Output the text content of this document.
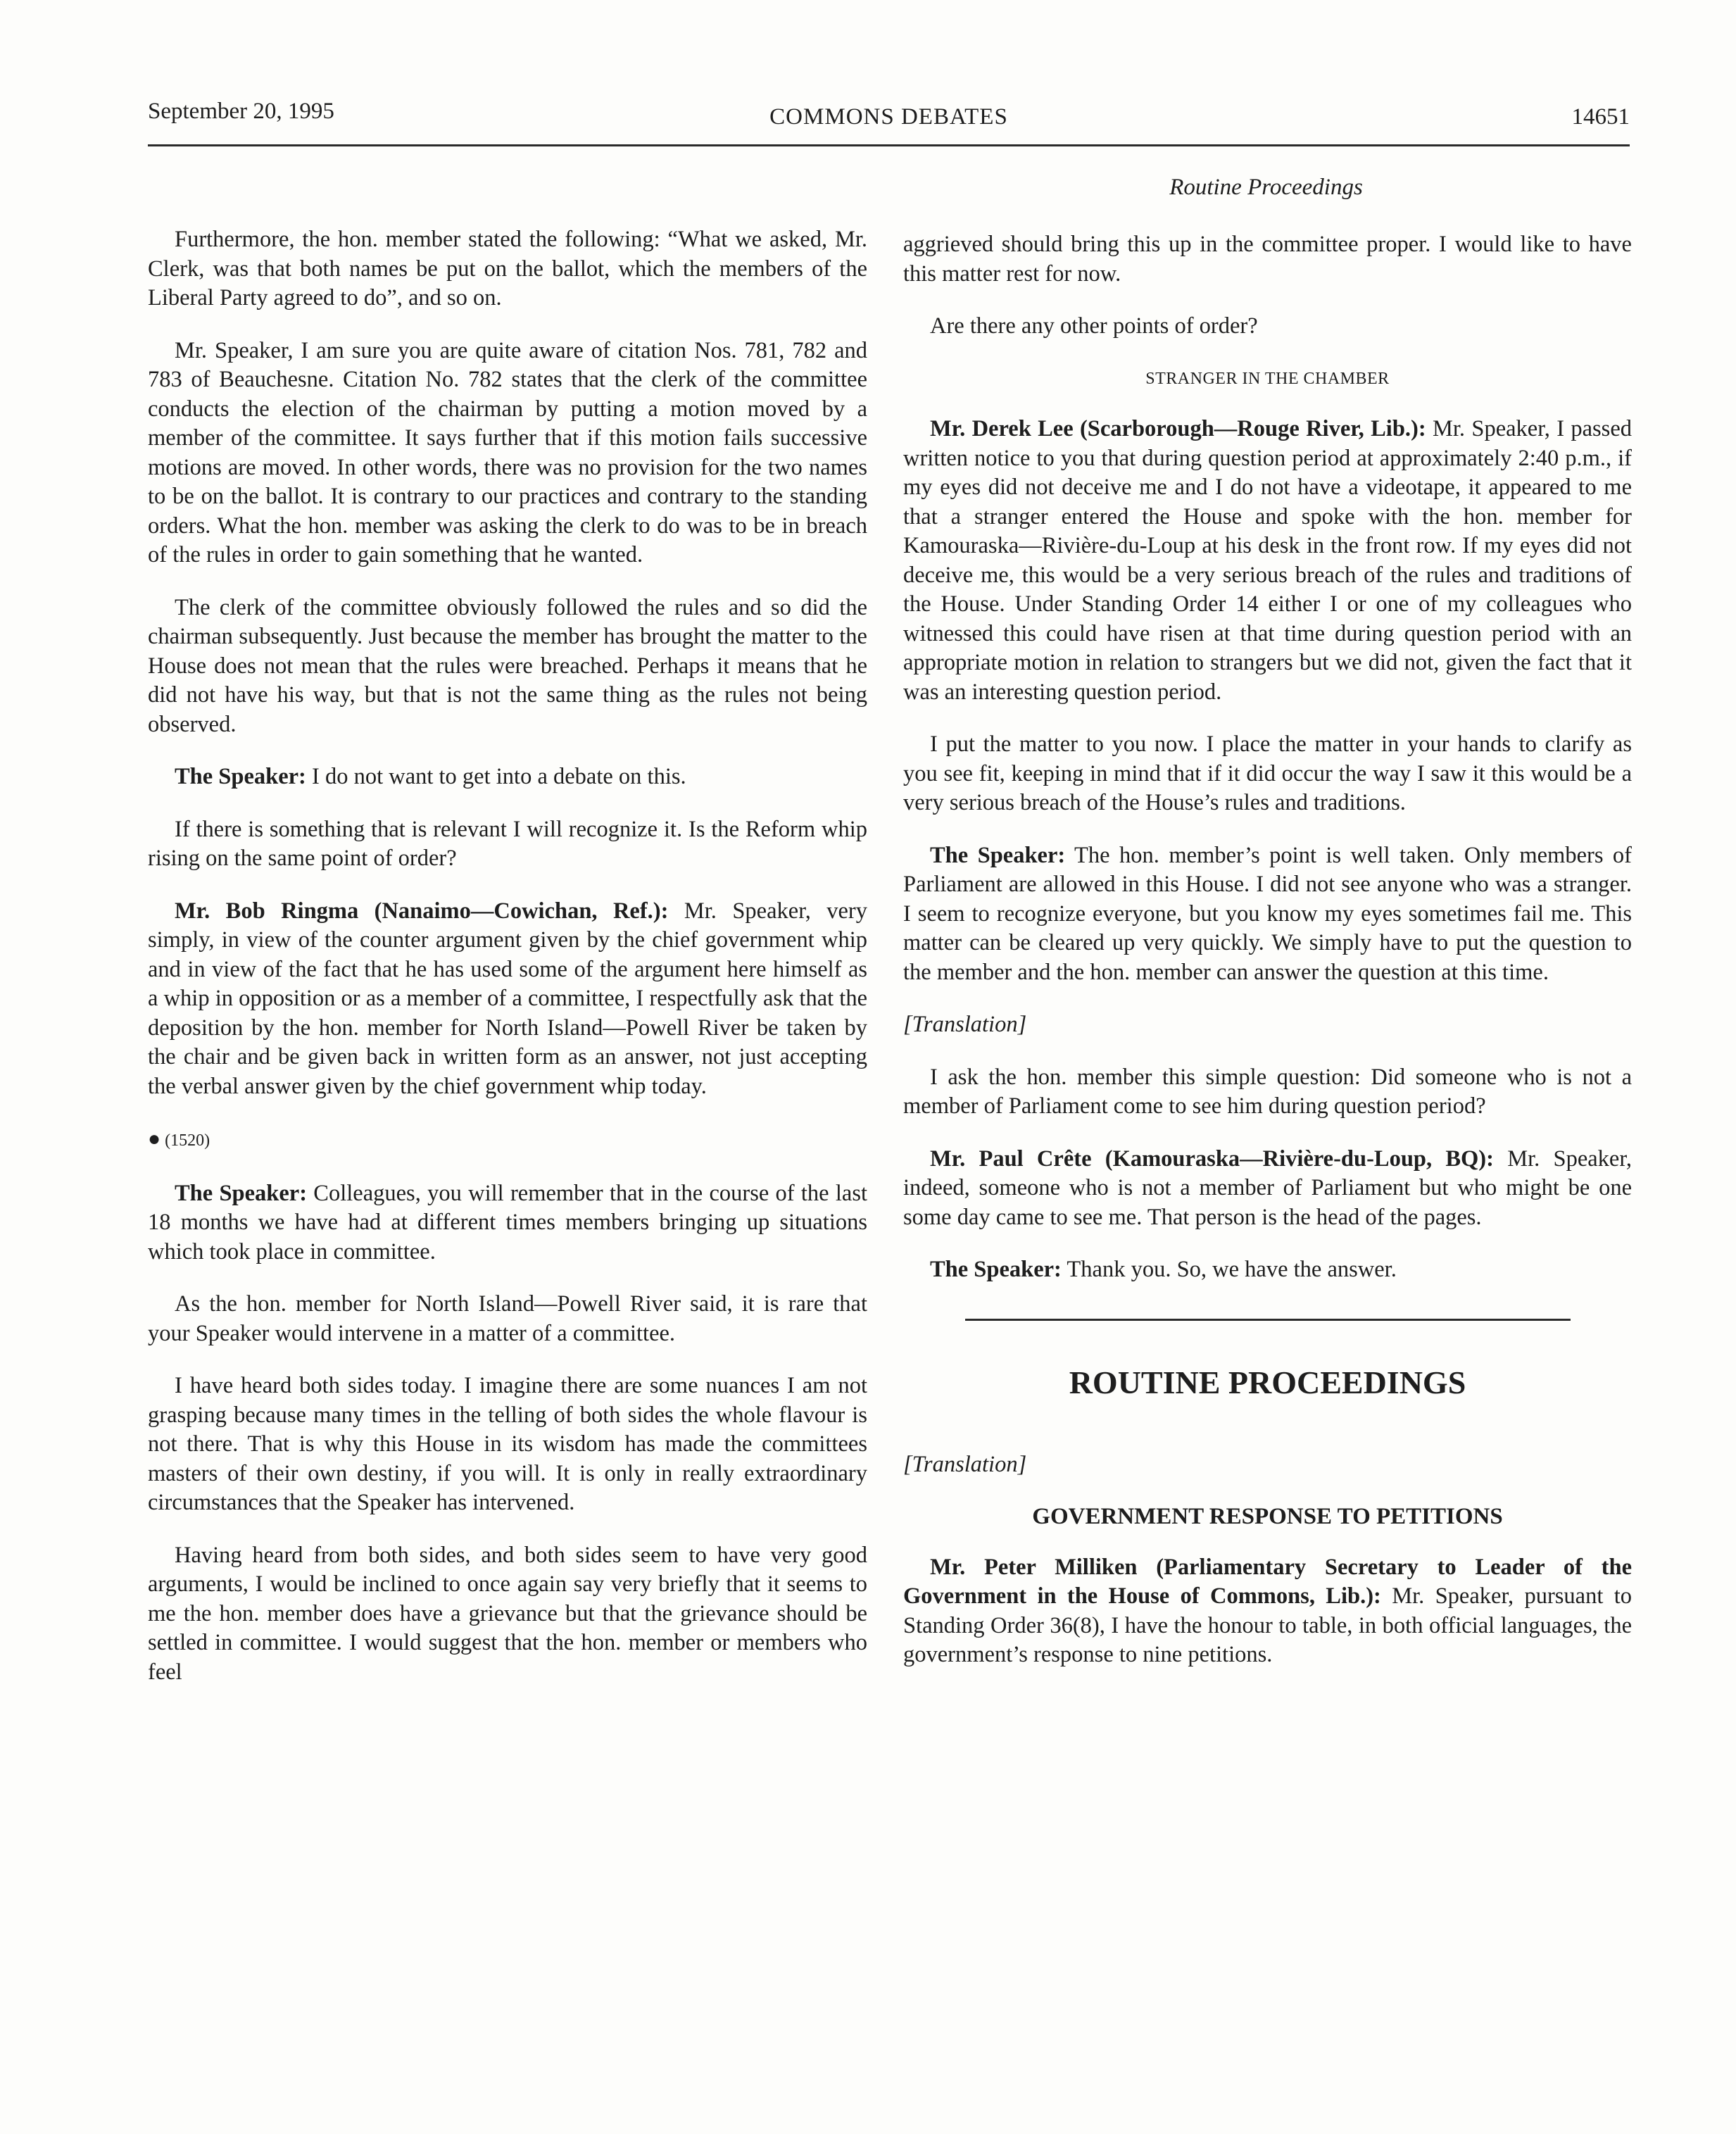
September 20, 1995	COMMONS DEBATES	14651
Routine Proceedings

Furthermore, the hon. member stated the following: “What we asked, Mr. Clerk, was that both names be put on the ballot, which the members of the Liberal Party agreed to do”, and so on.

Mr. Speaker, I am sure you are quite aware of citation Nos. 781, 782 and 783 of Beauchesne. Citation No. 782 states that the clerk of the committee conducts the election of the chairman by putting a motion moved by a member of the committee. It says further that if this motion fails successive motions are moved. In other words, there was no provision for the two names to be on the ballot. It is contrary to our practices and contrary to the standing orders. What the hon. member was asking the clerk to do was to be in breach of the rules in order to gain something that he wanted.

The clerk of the committee obviously followed the rules and so did the chairman subsequently. Just because the member has brought the matter to the House does not mean that the rules were breached. Perhaps it means that he did not have his way, but that is not the same thing as the rules not being observed.

The Speaker: I do not want to get into a debate on this.

If there is something that is relevant I will recognize it. Is the Reform whip rising on the same point of order?

Mr. Bob Ringma (Nanaimo—Cowichan, Ref.): Mr. Speaker, very simply, in view of the counter argument given by the chief government whip and in view of the fact that he has used some of the argument here himself as a whip in opposition or as a member of a committee, I respectfully ask that the deposition by the hon. member for North Island—Powell River be taken by the chair and be given back in written form as an answer, not just accepting the verbal answer given by the chief government whip today.

● (1520)

The Speaker: Colleagues, you will remember that in the course of the last 18 months we have had at different times members bringing up situations which took place in committee.

As the hon. member for North Island—Powell River said, it is rare that your Speaker would intervene in a matter of a committee.

I have heard both sides today. I imagine there are some nuances I am not grasping because many times in the telling of both sides the whole flavour is not there. That is why this House in its wisdom has made the committees masters of their own destiny, if you will. It is only in really extraordinary circumstances that the Speaker has intervened.

Having heard from both sides, and both sides seem to have very good arguments, I would be inclined to once again say very briefly that it seems to me the hon. member does have a grievance but that the grievance should be settled in committee. I would suggest that the hon. member or members who feel

aggrieved should bring this up in the committee proper. I would like to have this matter rest for now.

Are there any other points of order?

STRANGER IN THE CHAMBER

Mr. Derek Lee (Scarborough—Rouge River, Lib.): Mr. Speaker, I passed written notice to you that during question period at approximately 2:40 p.m., if my eyes did not deceive me and I do not have a videotape, it appeared to me that a stranger entered the House and spoke with the hon. member for Kamouraska—Rivière-du-Loup at his desk in the front row. If my eyes did not deceive me, this would be a very serious breach of the rules and traditions of the House. Under Standing Order 14 either I or one of my colleagues who witnessed this could have risen at that time during question period with an appropriate motion in relation to strangers but we did not, given the fact that it was an interesting question period.

I put the matter to you now. I place the matter in your hands to clarify as you see fit, keeping in mind that if it did occur the way I saw it this would be a very serious breach of the House’s rules and traditions.

The Speaker: The hon. member’s point is well taken. Only members of Parliament are allowed in this House. I did not see anyone who was a stranger. I seem to recognize everyone, but you know my eyes sometimes fail me. This matter can be cleared up very quickly. We simply have to put the question to the member and the hon. member can answer the question at this time.

[Translation]

I ask the hon. member this simple question: Did someone who is not a member of Parliament come to see him during question period?

Mr. Paul Crête (Kamouraska—Rivière-du-Loup, BQ): Mr. Speaker, indeed, someone who is not a member of Parliament but who might be one some day came to see me. That person is the head of the pages.

The Speaker: Thank you. So, we have the answer.

ROUTINE PROCEEDINGS
[Translation]
GOVERNMENT RESPONSE TO PETITIONS

Mr. Peter Milliken (Parliamentary Secretary to Leader of the Government in the House of Commons, Lib.): Mr. Speaker, pursuant to Standing Order 36(8), I have the honour to table, in both official languages, the government’s response to nine petitions.
